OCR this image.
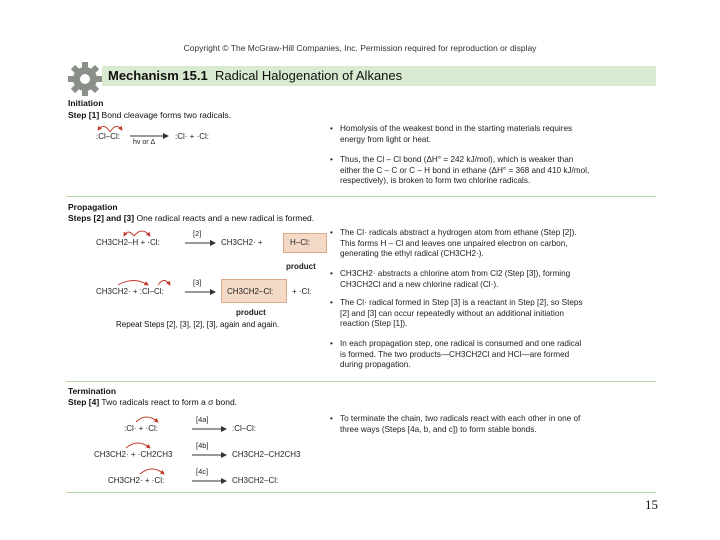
Copyright © The McGraw-Hill Companies, Inc. Permission required for reproduction or display
Mechanism 15.1 Radical Halogenation of Alkanes
Initiation
Step [1] Bond cleavage forms two radicals.
:Cl–Cl:
hν or Δ
:Cl· + ·Cl:
• Homolysis of the weakest bond in the starting materials requires
energy from light or heat.
• Thus, the Cl – Cl bond (ΔH° = 242 kJ/mol), which is weaker than
either the C – C or C – H bond in ethane (ΔH° = 368 and 410 kJ/mol,
respectively), is broken to form two chlorine radicals.
Propagation
Steps [2] and [3] One radical reacts and a new radical is formed.
CH3CH2–H + ·Cl:
[2]
CH3CH2· +	H–Cl:
product
CH3CH2· + :Cl–Cl:
[3]
CH3CH2–Cl: + ·Cl:
product
Repeat Steps [2], [3], [2], [3], again and again.
• The Cl· radicals abstract a hydrogen atom from ethane (Step [2]).
This forms H – Cl and leaves one unpaired electron on carbon,
generating the ethyl radical (CH3CH2·).
• CH3CH2· abstracts a chlorine atom from Cl2 (Step [3]), forming
CH3CH2Cl and a new chlorine radical (Cl·).
• The Cl· radical formed in Step [3] is a reactant in Step [2], so Steps
[2] and [3] can occur repeatedly without an additional initiation
reaction (Step [1]).
• In each propagation step, one radical is consumed and one radical
is formed. The two products—CH3CH2Cl and HCl—are formed
during propagation.
Termination
Step [4] Two radicals react to form a σ bond.
:Cl· + ·Cl:
[4a]
:Cl–Cl:
CH3CH2· + ·CH2CH3
[4b]
CH3CH2–CH2CH3
CH3CH2· + ·Cl:
[4c]
CH3CH2–Cl:
• To terminate the chain, two radicals react with each other in one of
three ways (Steps [4a, b, and c]) to form stable bonds.
15
